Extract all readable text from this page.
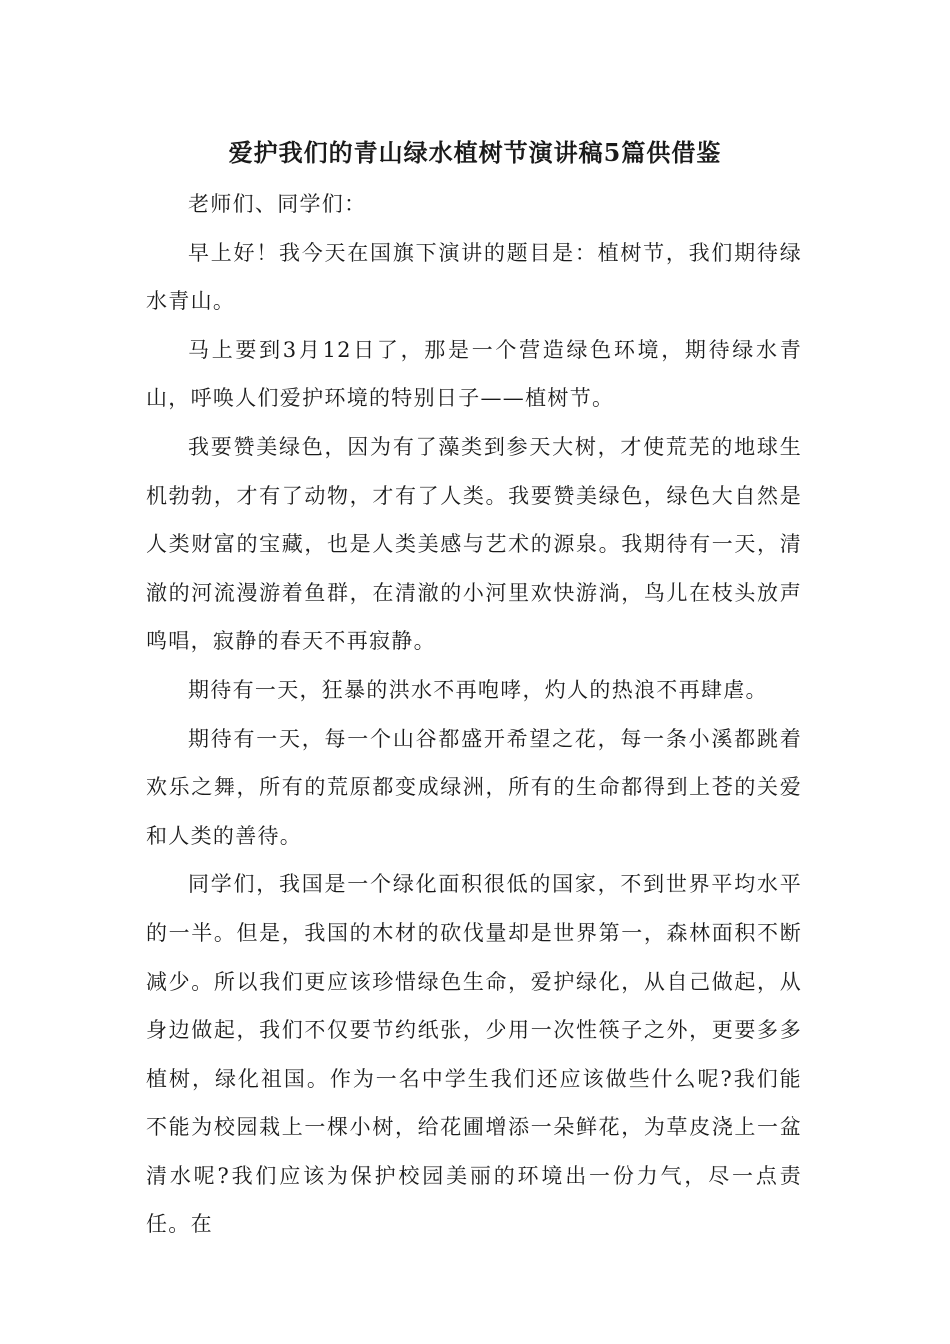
爱护我们的青山绿水植树节演讲稿5篇供借鉴

老师们、同学们：

早上好！我今天在国旗下演讲的题目是：植树节，我们期待绿水青山。

马上要到3月12日了，那是一个营造绿色环境，期待绿水青山，呼唤人们爱护环境的特别日子——植树节。

我要赞美绿色，因为有了藻类到参天大树，才使荒芜的地球生机勃勃，才有了动物，才有了人类。我要赞美绿色，绿色大自然是人类财富的宝藏，也是人类美感与艺术的源泉。我期待有一天，清澈的河流漫游着鱼群，在清澈的小河里欢快游淌，鸟儿在枝头放声鸣唱，寂静的春天不再寂静。

期待有一天，狂暴的洪水不再咆哮，灼人的热浪不再肆虐。

期待有一天，每一个山谷都盛开希望之花，每一条小溪都跳着欢乐之舞，所有的荒原都变成绿洲，所有的生命都得到上苍的关爱和人类的善待。

同学们，我国是一个绿化面积很低的国家，不到世界平均水平的一半。但是，我国的木材的砍伐量却是世界第一，森林面积不断减少。所以我们更应该珍惜绿色生命，爱护绿化，从自己做起，从身边做起，我们不仅要节约纸张，少用一次性筷子之外，更要多多植树，绿化祖国。作为一名中学生我们还应该做些什么呢?我们能不能为校园栽上一棵小树，给花圃增添一朵鲜花，为草皮浇上一盆清水呢?我们应该为保护校园美丽的环境出一份力气，尽一点责任。在
